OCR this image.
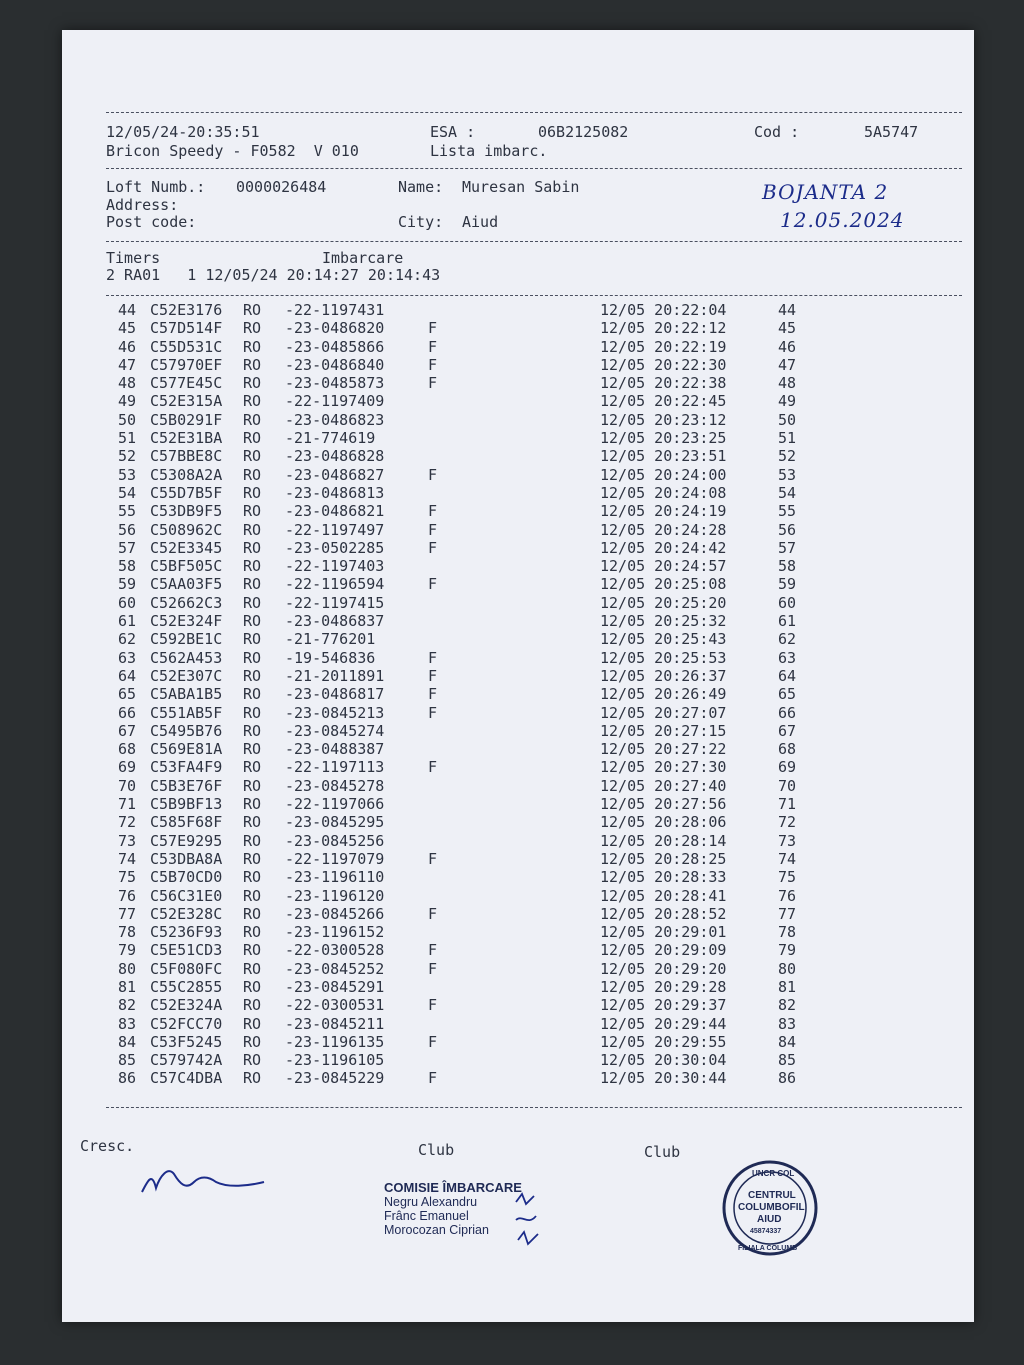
12/05/24-20:35:51	ESA :	06B2125082	Cod :	5A5747
Bricon Speedy - F0582  V 010	Lista imbarc.
Loft Numb.: 0000026484	Name: Muresan Sabin
Address:
Post code:	City: Aiud
BOJANTA 2
12.05.2024
Timers	Imbarcare
2 RA01   1 12/05/24 20:14:27 20:14:43
44 C52E3176 RO -22-1197431	12/05 20:22:04	44
45 C57D514F RO -23-0486820	F	12/05 20:22:12	45
46 C55D531C RO -23-0485866	F	12/05 20:22:19	46
47 C57970EF RO -23-0486840	F	12/05 20:22:30	47
48 C577E45C RO -23-0485873	F	12/05 20:22:38	48
49 C52E315A RO -22-1197409	12/05 20:22:45	49
50 C5B0291F RO -23-0486823	12/05 20:23:12	50
51 C52E31BA RO -21-774619	12/05 20:23:25	51
52 C57BBE8C RO -23-0486828	12/05 20:23:51	52
53 C5308A2A RO -23-0486827	F	12/05 20:24:00	53
54 C55D7B5F RO -23-0486813	12/05 20:24:08	54
55 C53DB9F5 RO -23-0486821	F	12/05 20:24:19	55
56 C508962C RO -22-1197497	F	12/05 20:24:28	56
57 C52E3345 RO -23-0502285	F	12/05 20:24:42	57
58 C5BF505C RO -22-1197403	12/05 20:24:57	58
59 C5AA03F5 RO -22-1196594	F	12/05 20:25:08	59
60 C52662C3 RO -22-1197415	12/05 20:25:20	60
61 C52E324F RO -23-0486837	12/05 20:25:32	61
62 C592BE1C RO -21-776201	12/05 20:25:43	62
63 C562A453 RO -19-546836	F	12/05 20:25:53	63
64 C52E307C RO -21-2011891	F	12/05 20:26:37	64
65 C5ABA1B5 RO -23-0486817	F	12/05 20:26:49	65
66 C551AB5F RO -23-0845213	F	12/05 20:27:07	66
67 C5495B76 RO -23-0845274	12/05 20:27:15	67
68 C569E81A RO -23-0488387	12/05 20:27:22	68
69 C53FA4F9 RO -22-1197113	F	12/05 20:27:30	69
70 C5B3E76F RO -23-0845278	12/05 20:27:40	70
71 C5B9BF13 RO -22-1197066	12/05 20:27:56	71
72 C585F68F RO -23-0845295	12/05 20:28:06	72
73 C57E9295 RO -23-0845256	12/05 20:28:14	73
74 C53DBA8A RO -22-1197079	F	12/05 20:28:25	74
75 C5B70CD0 RO -23-1196110	12/05 20:28:33	75
76 C56C31E0 RO -23-1196120	12/05 20:28:41	76
77 C52E328C RO -23-0845266	F	12/05 20:28:52	77
78 C5236F93 RO -23-1196152	12/05 20:29:01	78
79 C5E51CD3 RO -22-0300528	F	12/05 20:29:09	79
80 C5F080FC RO -23-0845252	F	12/05 20:29:20	80
81 C55C2855 RO -23-0845291	12/05 20:29:28	81
82 C52E324A RO -22-0300531	F	12/05 20:29:37	82
83 C52FCC70 RO -23-0845211	12/05 20:29:44	83
84 C53F5245 RO -23-1196135	F	12/05 20:29:55	84
85 C579742A RO -23-1196105	12/05 20:30:04	85
86 C57C4DBA RO -23-0845229	F	12/05 20:30:44	86
Cresc.	Club	Club
COMISIE ÎMBARCARE
Negru Alexandru
Frânc Emanuel
Morocozan Ciprian
UNCR COL
CENTRUL
COLUMBOFIL
AIUD
45874337
FILIALA COLUMB
